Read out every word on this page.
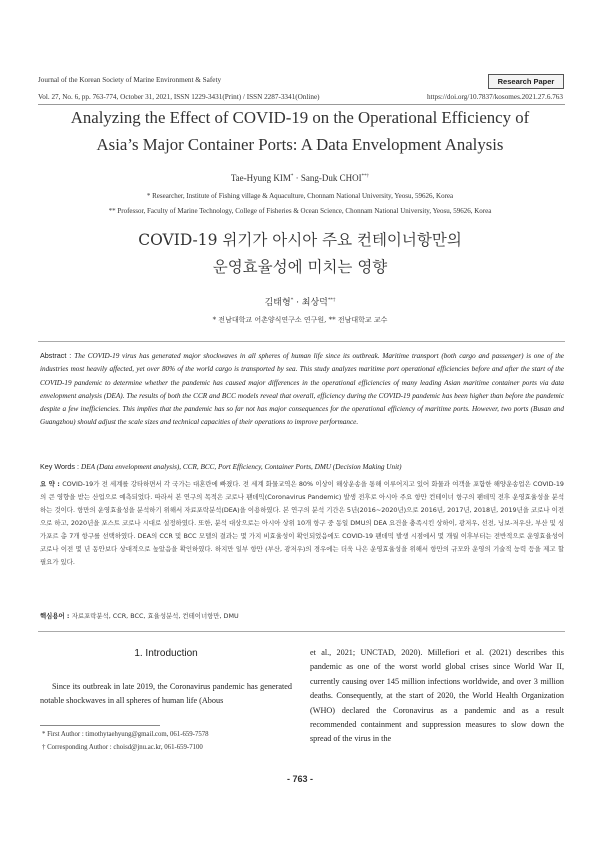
Journal of the Korean Society of Marine Environment & Safety	Research Paper
Vol. 27, No. 6, pp. 763-774, October 31, 2021, ISSN 1229-3431(Print) / ISSN 2287-3341(Online)	https://doi.org/10.7837/kosomes.2021.27.6.763
Analyzing the Effect of COVID-19 on the Operational Efficiency of
Asia’s Major Container Ports: A Data Envelopment Analysis
Tae-Hyung KIM* · Sang-Duk CHOI**†
* Researcher, Institute of Fishing village & Aquaculture, Chonnam National University, Yeosu, 59626, Korea
** Professor, Faculty of Marine Technology, College of Fisheries & Ocean Science, Chonnam National University, Yeosu, 59626, Korea
COVID-19 위기가 아시아 주요 컨테이너항만의
운영효율성에 미치는 영향
김태형* · 최상덕**†
* 전남대학교 어촌양식연구소 연구원, ** 전남대학교 교수
Abstract : The COVID-19 virus has generated major shockwaves in all spheres of human life since its outbreak. Maritime transport (both cargo and passenger) is one of the industries most heavily affected, yet over 80% of the world cargo is transported by sea. This study analyzes maritime port operational efficiencies before and after the start of the COVID-19 pandemic to determine whether the pandemic has caused major differences in the operational efficiencies of many leading Asian maritime container ports via data envelopment analysis (DEA). The results of both the CCR and BCC models reveal that overall, efficiency during the COVID-19 pandemic has been higher than before the pandemic despite a few inefficiencies. This implies that the pandemic has so far not has major consequences for the operational efficiency of maritime ports. However, two ports (Busan and Guangzhou) should adjust the scale sizes and technical capacities of their operations to improve performance.
Key Words : DEA (Data envelopment analysis), CCR, BCC, Port Efficiency, Container Ports, DMU (Decision Making Unit)
요 약 : COVID-19가 전 세계를 강타하면서 각 국가는 대혼란에 빠졌다. 전 세계 화물교역은 80% 이상이 해상운송을 통해 이루어지고 있어 화물과 여객을 포함한 해양운송업은 COVID-19의 큰 영향을 받는 산업으로 예측되었다. 따라서 본 연구의 목적은 코로나 팬데믹(Coronavirus Pandemic) 발생 전후로 아시아 주요 항만 컨테이너 항구의 팬데믹 전후 운영효율성을 분석하는 것이다. 항만의 운영효율성을 분석하기 위해서 자료포락분석(DEA)을 이용하였다. 본 연구의 분석 기간은 5년(2016~2020년)으로 2016년, 2017년, 2018년, 2019년을 코로나 이전으로 하고, 2020년을 포스트 코로나 시대로 설정하였다. 또한, 분석 대상으로는 아시아 상위 10개 항구 중 동일 DMU의 DEA 요건을 충족시킨 상하이, 광저우, 선전, 닝보-저우산, 부산 및 싱가포르 총 7개 항구를 선택하였다. DEA의 CCR 및 BCC 모델의 결과는 몇 가지 비효율성이 확인되었음에도 COVID-19 팬데믹 발생 시점에서 몇 개월 이후부터는 전반적으로 운영효율성이 코로나 이전 몇 년 동안보다 상대적으로 높았음을 확인하였다. 하지만 일부 항만 (부산, 광저우)의 경우에는 더욱 나은 운영효율성을 위해서 항만의 규모와 운영의 기술적 능력 등을 제고 할 필요가 있다.
핵심용어 : 자료포락분석, CCR, BCC, 효율성분석, 컨테이너항만, DMU
1. Introduction
Since its outbreak in late 2019, the Coronavirus pandemic has generated notable shockwaves in all spheres of human life (Abous
* First Author : timothytaehyung@gmail.com, 061-659-7578
† Corresponding Author : choisd@jnu.ac.kr, 061-659-7100
et al., 2021; UNCTAD, 2020). Millefiori et al. (2021) describes this pandemic as one of the worst world global crises since World War II, currently causing over 145 million infections worldwide, and over 3 million deaths. Consequently, at the start of 2020, the World Health Organization (WHO) declared the Coronavirus as a pandemic and as a result recommended containment and suppression measures to slow down the spread of the virus in the
- 763 -
